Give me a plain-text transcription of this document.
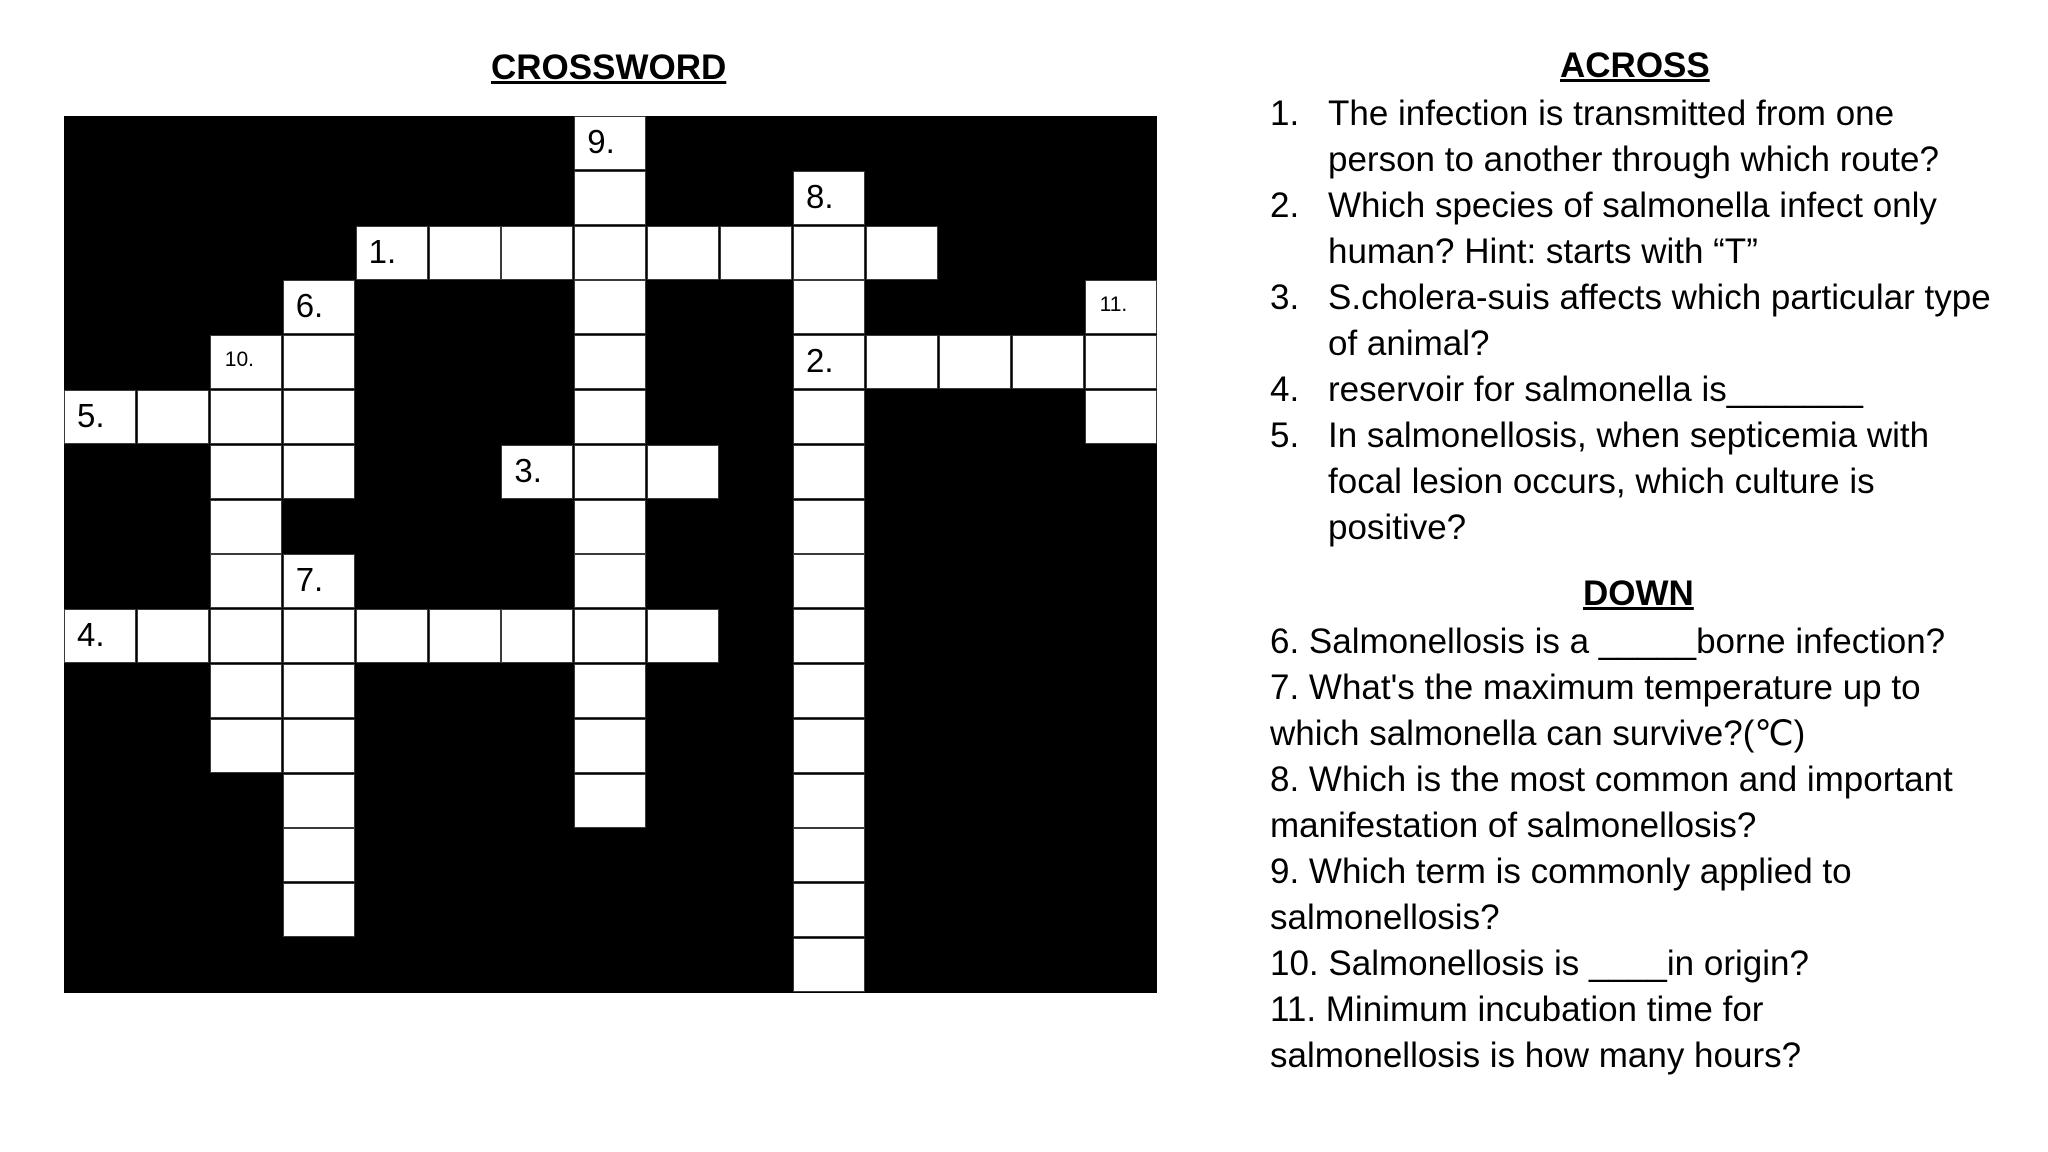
CROSSWORD
9.
8.
1.
6.	11.
10.	2.
5.
3.
7.
4.
ACROSS
1. The infection is transmitted from one person to another through which route?
2. Which species of salmonella infect only human? Hint: starts with “T”
3. S.cholera-suis affects which particular type of animal?
4. reservoir for salmonella is_______
5. In salmonellosis, when septicemia with focal lesion occurs, which culture is positive?
DOWN
6. Salmonellosis is a _____borne infection?
7. What's the maximum temperature up to
which salmonella can survive?(℃)
8. Which is the most common and important
manifestation of salmonellosis?
9. Which term is commonly applied to
salmonellosis?
10. Salmonellosis is ____in origin?
11. Minimum incubation time for
salmonellosis is how many hours?
